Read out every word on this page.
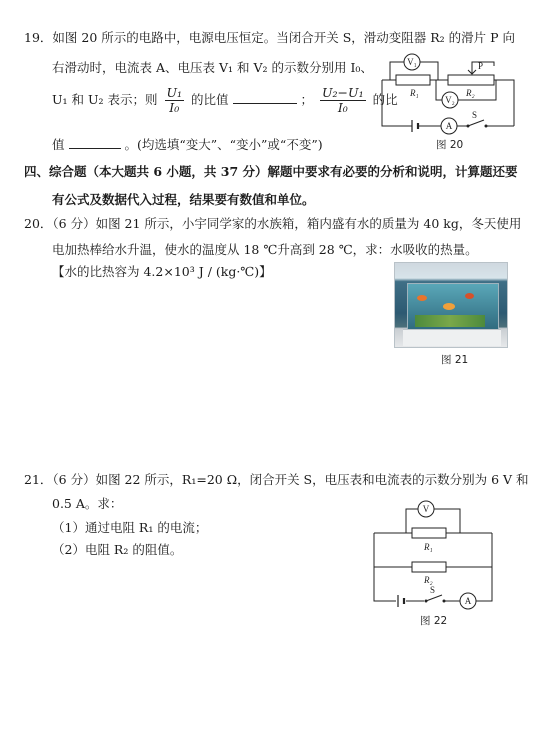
19．如图 20 所示的电路中，电源电压恒定。当闭合开关 S，滑动变阻器 R₂ 的滑片 P 向
右滑动时，电流表 A、电压表 V₁ 和 V₂ 的示数分别用 I₀、
U₁ 和 U₂ 表示；则 $\frac{\text{U₁}}{\text{I₀}}$ 的比值	； $\frac{\text{U₂−U₁}}{\text{I₀}}$ 的比
值	。(均选填“变大”、“变小”或“不变”)
V₁
V₂
A
P
R₁	R₂
S
图 20
四、综合题（本大题共 6 小题，共 37 分）解题中要求有必要的分析和说明，计算题还要
有公式及数据代入过程，结果要有数值和单位。
20．（6 分）如图 21 所示，小宇同学家的水族箱，箱内盛有水的质量为 40 kg，冬天使用
电加热棒给水升温，使水的温度从 18 ℃升高到 28 ℃，求：水吸收的热量。
【水的比热容为 4.2×10³ J / (kg·℃)】
图 21
21．（6 分）如图 22 所示，R₁=20 Ω，闭合开关 S，电压表和电流表的示数分别为 6 V 和
0.5 A。求：
（1）通过电阻 R₁ 的电流；
（2）电阻 R₂ 的阻值。
V
A
R₁
R₂
S
图 22
